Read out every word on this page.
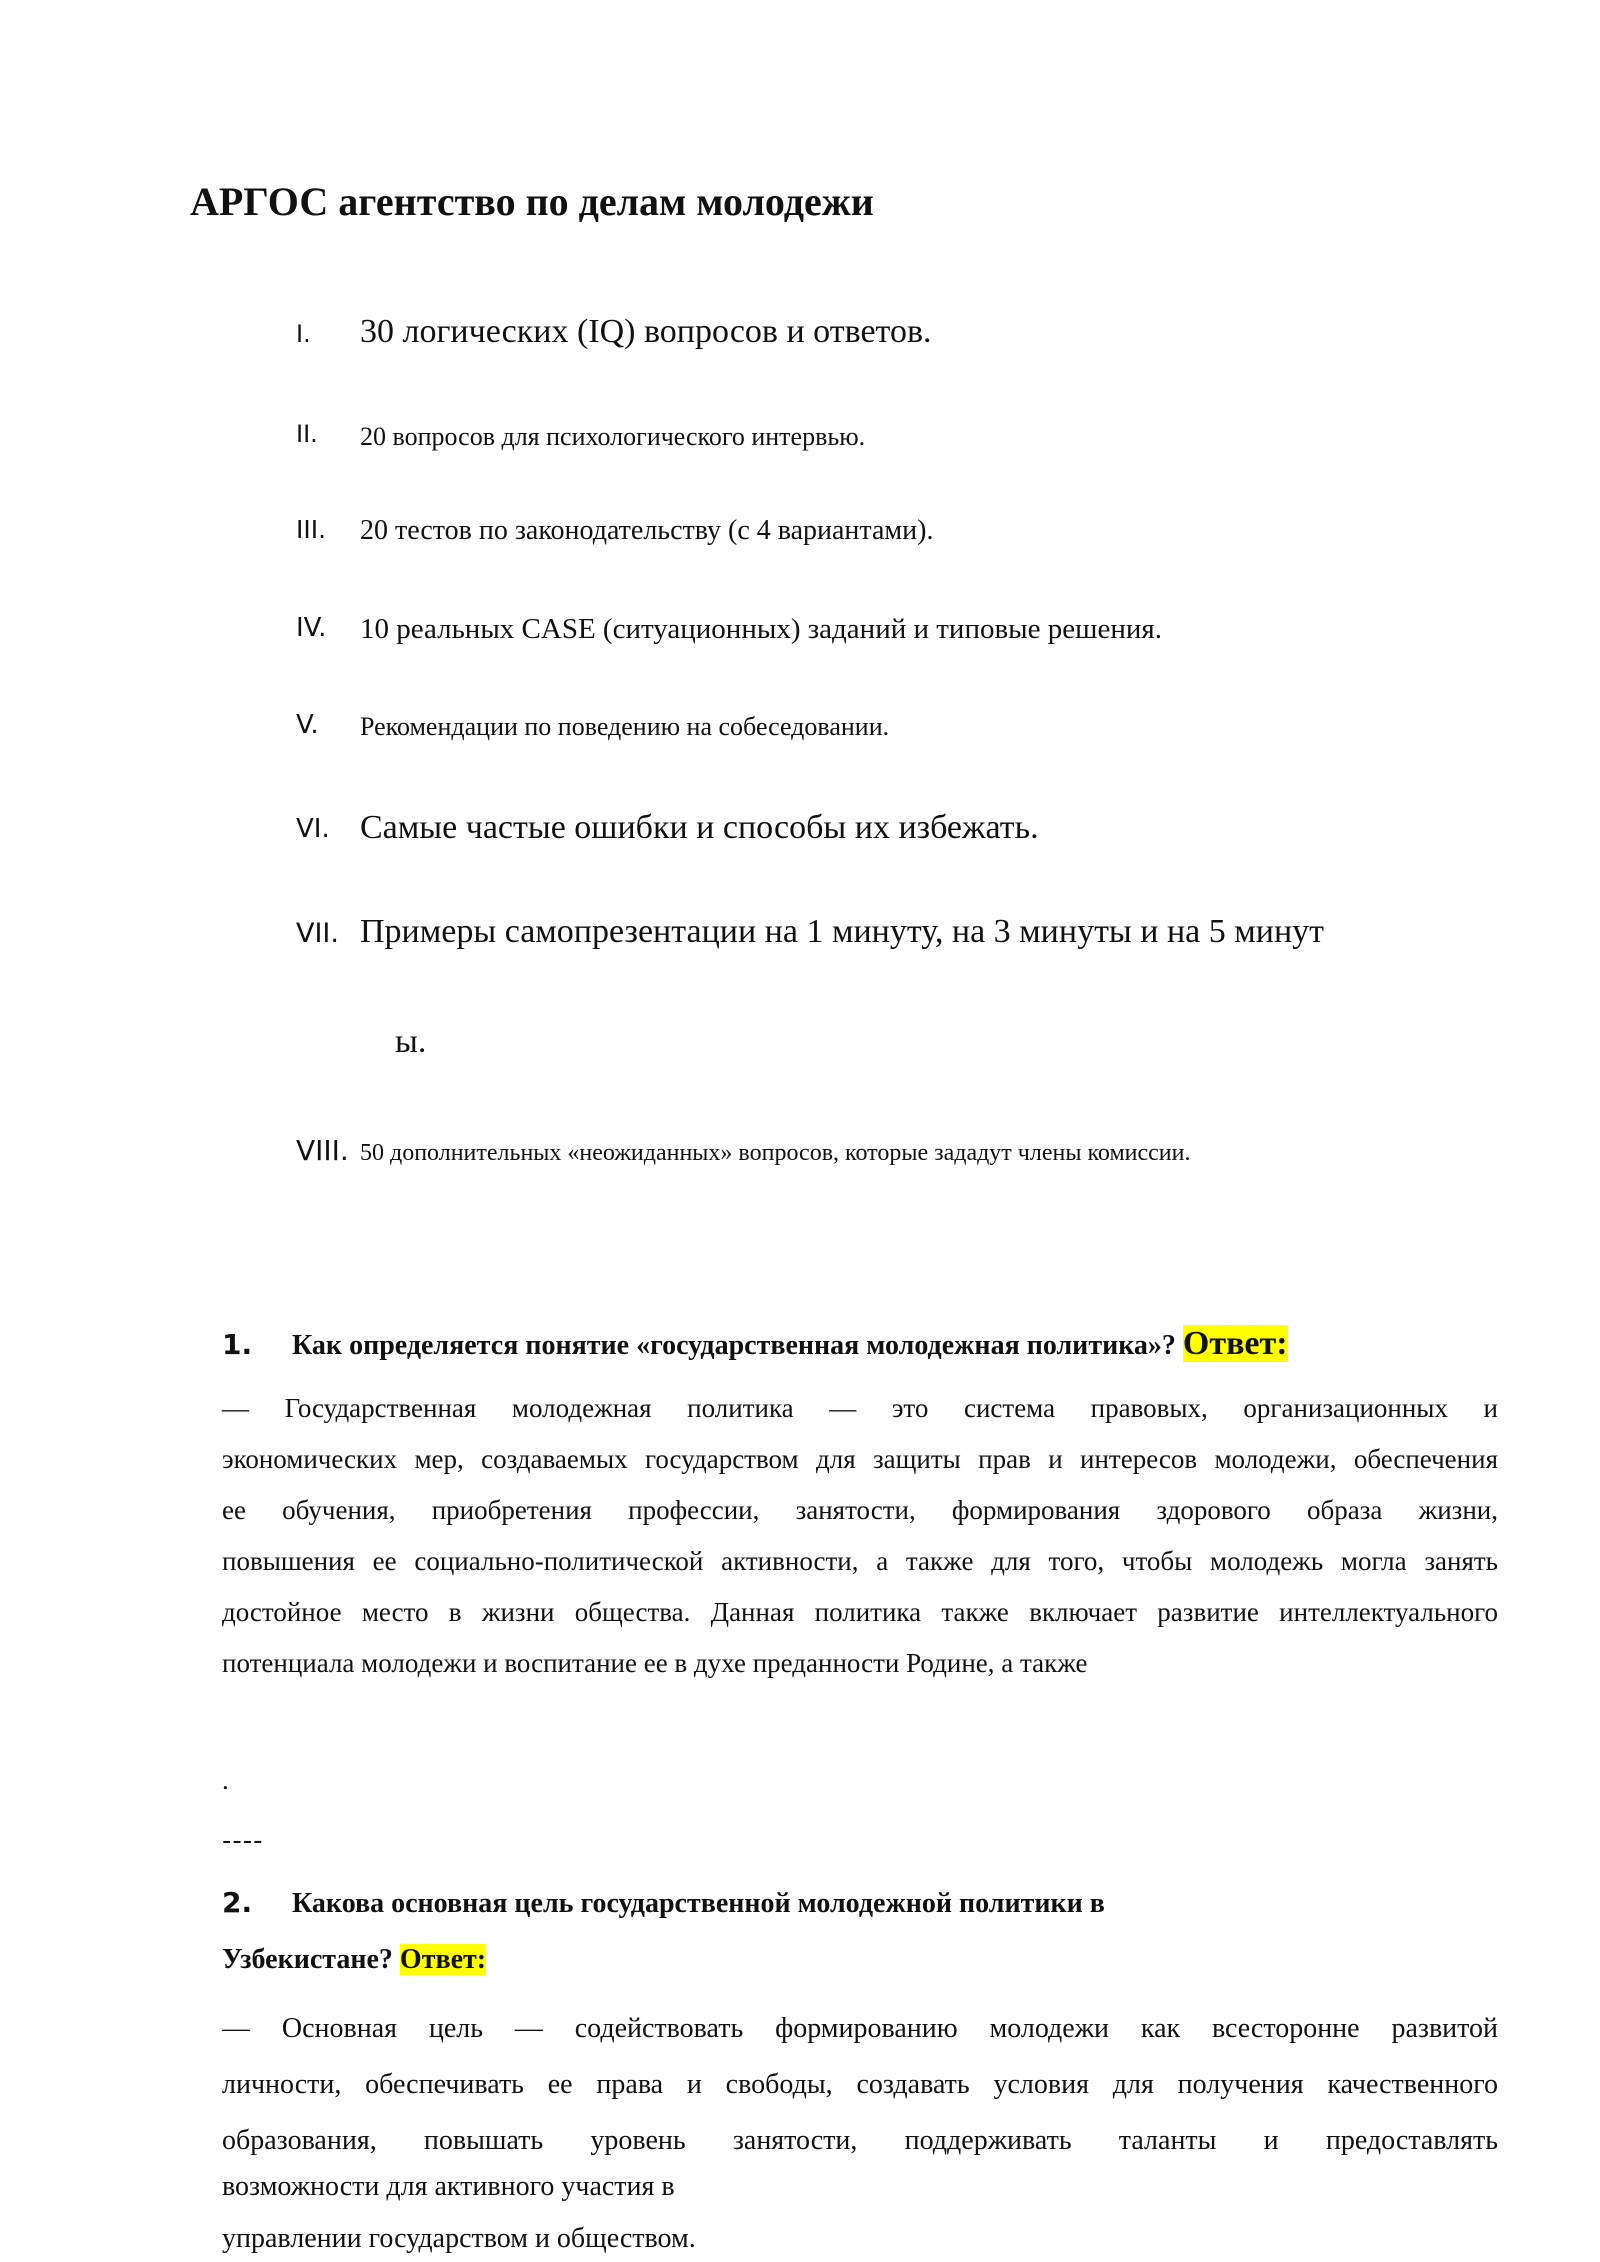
АРГОС агентство по делам молодежи
I. 30 логических (IQ) вопросов и ответов.
II. 20 вопросов для психологического интервью.
III. 20 тестов по законодательству (с 4 вариантами).
IV. 10 реальных CASE (ситуационных) заданий и типовые решения.
V. Рекомендации по поведению на собеседовании.
VI. Самые частые ошибки и способы их избежать.
VII. Примеры самопрезентации на 1 минуту, на 3 минуты и на 5 минут
ы.
VIII. 50 дополнительных «неожиданных» вопросов, которые зададут члены комиссии.
1. Как определяется понятие «государственная молодежная политика»? Ответ:
— Государственная молодежная политика — это система правовых, организационных и
экономических мер, создаваемых государством для защиты прав и интересов молодежи, обеспечения
ее обучения, приобретения профессии, занятости, формирования здорового образа жизни,
повышения ее социально-политической активности, а также для того, чтобы молодежь могла занять
достойное место в жизни общества. Данная политика также включает развитие интеллектуального
потенциала молодежи и воспитание ее в духе преданности Родине, а также
.
----
2. Какова основная цель государственной молодежной политики в
Узбекистане? Ответ:
— Основная цель — содействовать формированию молодежи как всесторонне развитой
личности, обеспечивать ее права и свободы, создавать условия для получения качественного
образования, повышать уровень занятости, поддерживать таланты и предоставлять
возможности для активного участия в
управлении государством и обществом.
